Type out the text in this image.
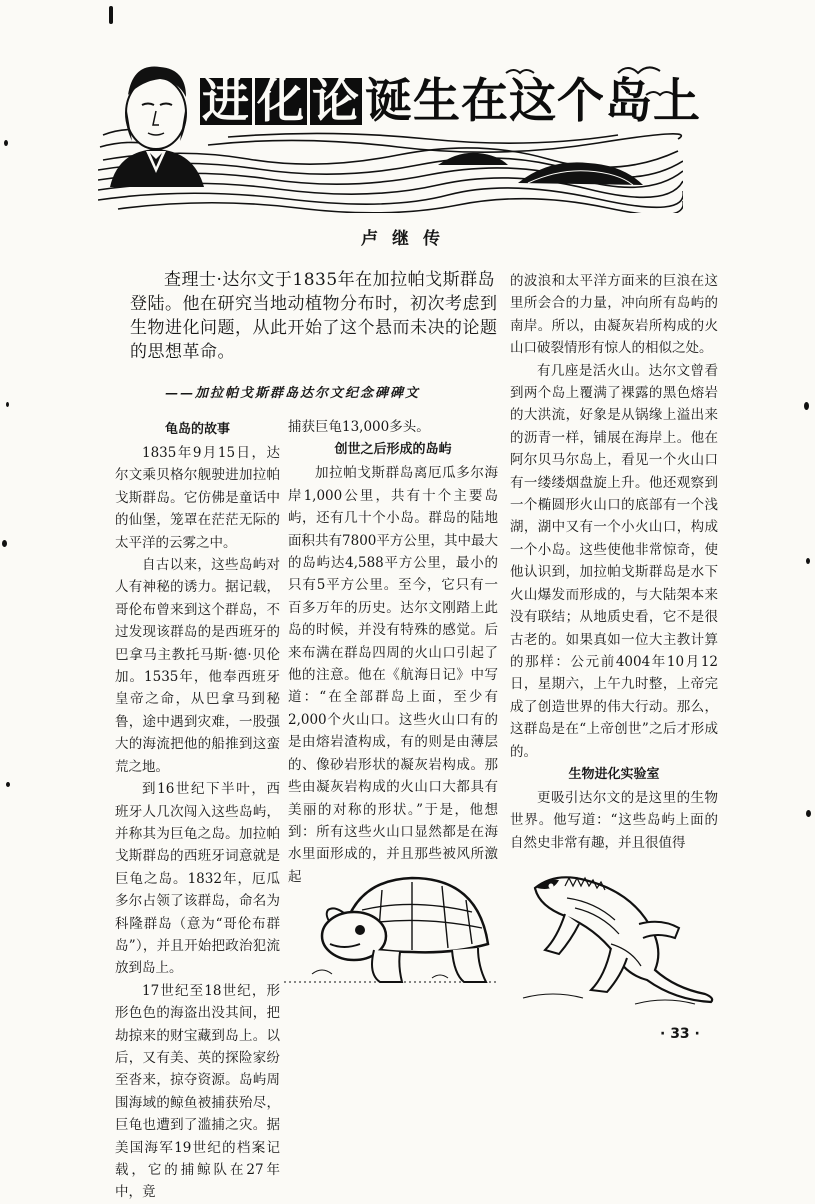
进 化 论 诞生在这个岛上
卢继传
查理士·达尔文于1835年在加拉帕戈斯群岛登陆。他在研究当地动植物分布时，初次考虑到生物进化问题，从此开始了这个悬而未决的论题的思想革命。
——加拉帕戈斯群岛达尔文纪念碑碑文
龟岛的故事

1835年9月15日，达尔文乘贝格尔舰驶进加拉帕戈斯群岛。它仿佛是童话中的仙堡，笼罩在茫茫无际的太平洋的云雾之中。

自古以来，这些岛屿对人有神秘的诱力。据记载，哥伦布曾来到这个群岛，不过发现该群岛的是西班牙的巴拿马主教托马斯·德·贝伦加。1535年，他奉西班牙皇帝之命，从巴拿马到秘鲁，途中遇到灾难，一股强大的海流把他的船推到这蛮荒之地。

到16世纪下半叶，西班牙人几次闯入这些岛屿，并称其为巨龟之岛。加拉帕戈斯群岛的西班牙词意就是巨龟之岛。1832年，厄瓜多尔占领了该群岛，命名为科隆群岛（意为“哥伦布群岛”），并且开始把政治犯流放到岛上。

17世纪至18世纪，形形色色的海盗出没其间，把劫掠来的财宝藏到岛上。以后，又有美、英的探险家纷至沓来，掠夺资源。岛屿周围海域的鲸鱼被捕获殆尽，巨龟也遭到了滥捕之灾。据美国海军19世纪的档案记载，它的捕鲸队在27年中，竟

捕获巨龟13,000多头。

创世之后形成的岛屿

加拉帕戈斯群岛离厄瓜多尔海岸1,000公里，共有十个主要岛屿，还有几十个小岛。群岛的陆地面积共有7800平方公里，其中最大的岛屿达4,588平方公里，最小的只有5平方公里。至今，它只有一百多万年的历史。达尔文刚踏上此岛的时候，并没有特殊的感觉。后来布满在群岛四周的火山口引起了他的注意。他在《航海日记》中写道：“在全部群岛上面，至少有2,000个火山口。这些火山口有的是由熔岩渣构成，有的则是由薄层的、像砂岩形状的凝灰岩构成。那些由凝灰岩构成的火山口大都具有美丽的对称的形状。”于是，他想到：所有这些火山口显然都是在海水里面形成的，并且那些被风所激起

的波浪和太平洋方面来的巨浪在这里所会合的力量，冲向所有岛屿的南岸。所以，由凝灰岩所构成的火山口破裂情形有惊人的相似之处。

有几座是活火山。达尔文曾看到两个岛上覆满了裸露的黑色熔岩的大洪流，好象是从锅缘上溢出来的沥青一样，铺展在海岸上。他在阿尔贝马尔岛上，看见一个火山口有一缕缕烟盘旋上升。他还观察到一个椭圆形火山口的底部有一个浅湖，湖中又有一个小火山口，构成一个小岛。这些使他非常惊奇，使他认识到，加拉帕戈斯群岛是水下火山爆发而形成的，与大陆架本来没有联结；从地质史看，它不是很古老的。如果真如一位大主教计算的那样：公元前4004年10月12日，星期六，上午九时整，上帝完成了创造世界的伟大行动。那么，这群岛是在“上帝创世”之后才形成的。

生物进化实验室

更吸引达尔文的是这里的生物世界。他写道：“这些岛屿上面的自然史非常有趣，并且很值得

· 33 ·
